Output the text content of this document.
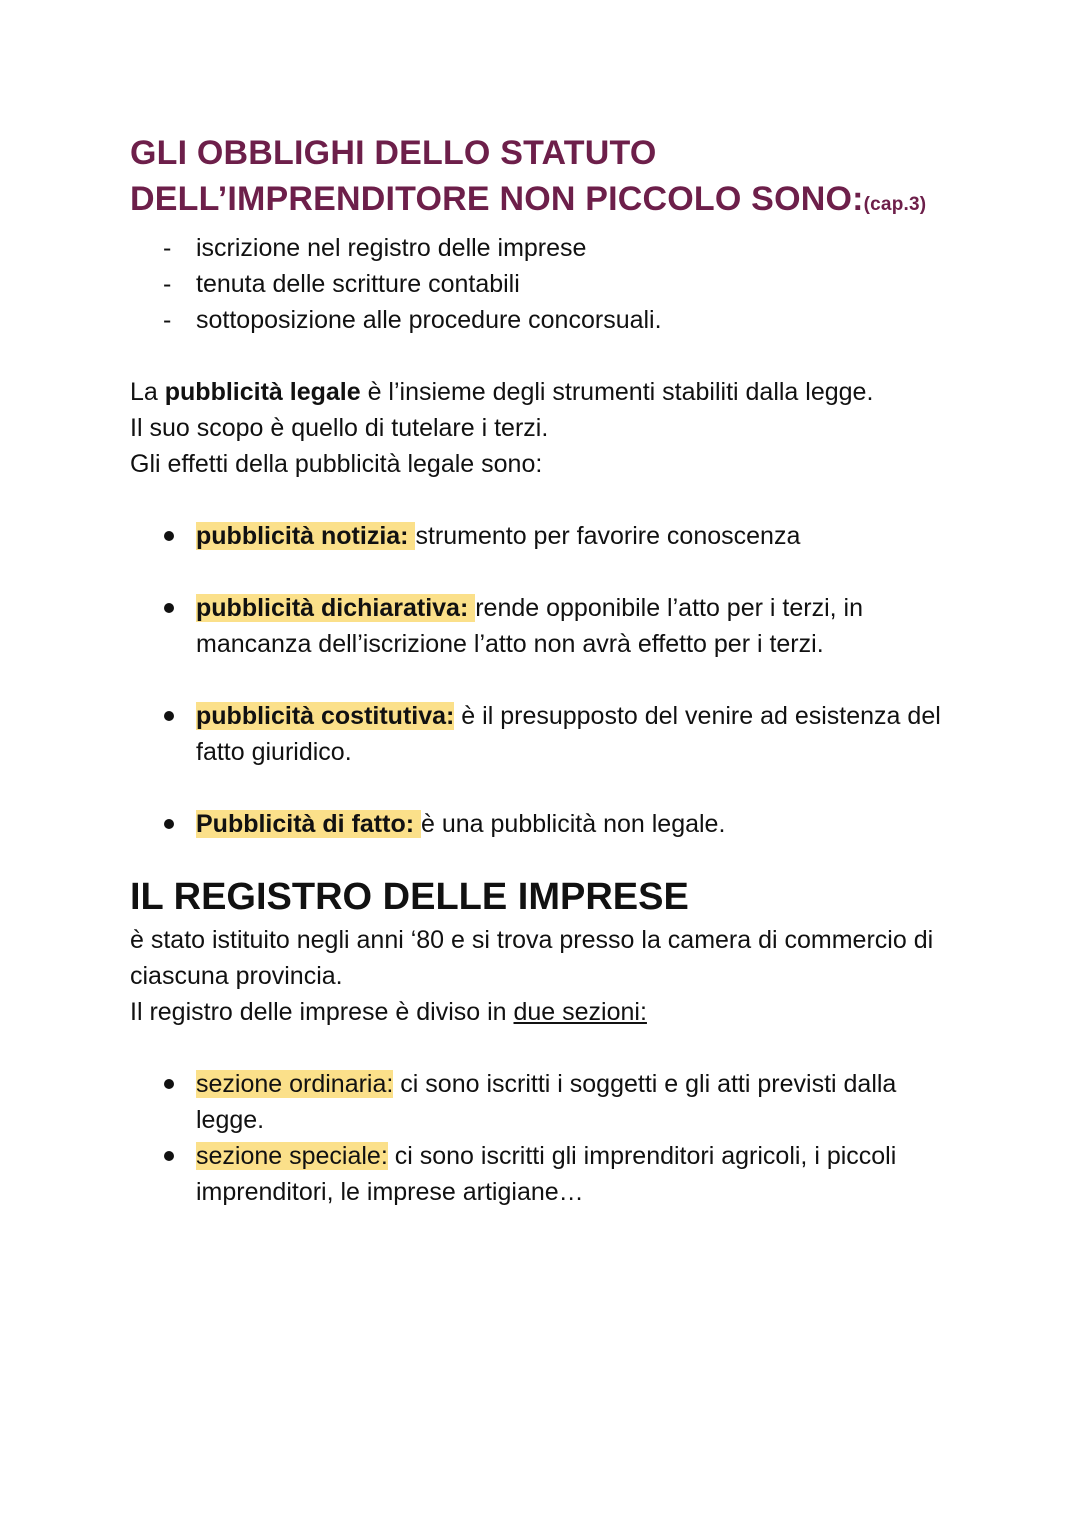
GLI OBBLIGHI DELLO STATUTO
DELL’IMPRENDITORE NON PICCOLO SONO:(cap.3)
- iscrizione nel registro delle imprese
- tenuta delle scritture contabili
- sottoposizione alle procedure concorsuali.

La pubblicità legale è l’insieme degli strumenti stabiliti dalla legge.

Il suo scopo è quello di tutelare i terzi.

Gli effetti della pubblicità legale sono:

pubblicità notizia: strumento per favorire conoscenza
pubblicità dichiarativa: rende opponibile l’atto per i terzi, in mancanza dell’iscrizione l’atto non avrà effetto per i terzi.
pubblicità costitutiva: è il presupposto del venire ad esistenza del fatto giuridico.
Pubblicità di fatto: è una pubblicità non legale.
IL REGISTRO DELLE IMPRESE

è stato istituito negli anni ‘80 e si trova presso la camera di commercio di ciascuna provincia.

Il registro delle imprese è diviso in due sezioni:

sezione ordinaria: ci sono iscritti i soggetti e gli atti previsti dalla legge.
sezione speciale: ci sono iscritti gli imprenditori agricoli, i piccoli imprenditori, le imprese artigiane…
